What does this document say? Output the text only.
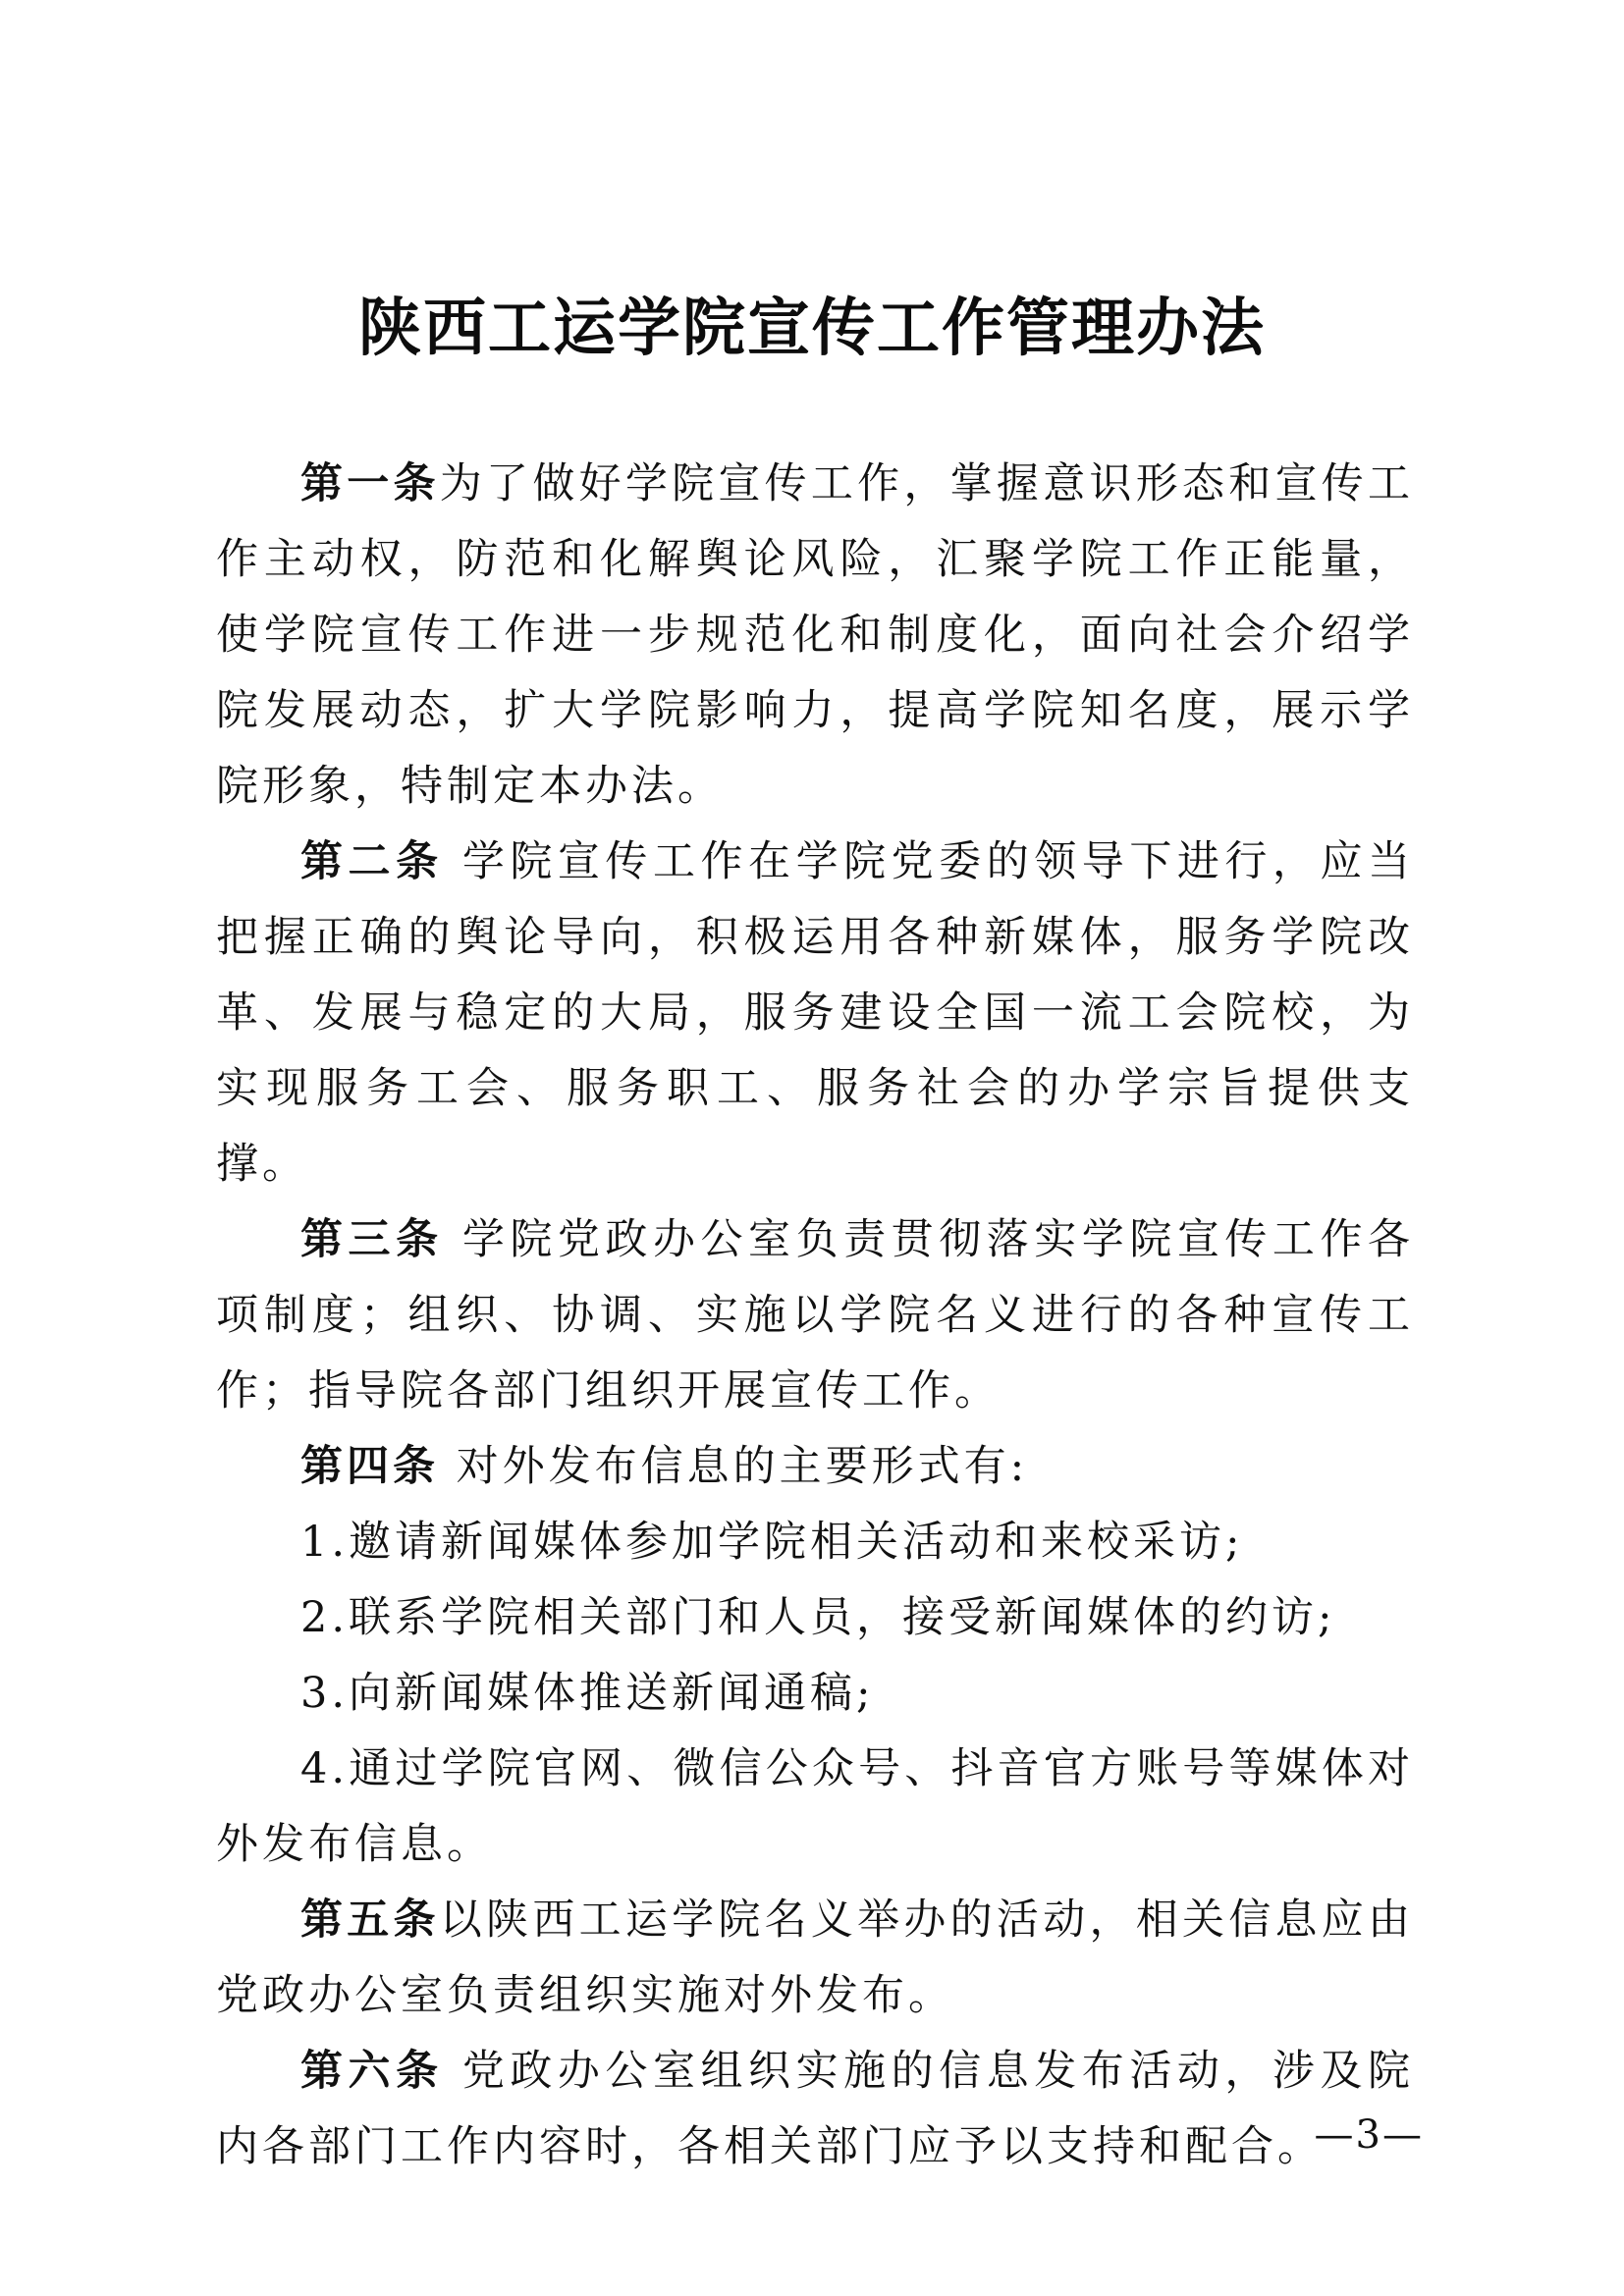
陕西工运学院宣传工作管理办法

第一条为了做好学院宣传工作，掌握意识形态和宣传工作主动权，防范和化解舆论风险，汇聚学院工作正能量，使学院宣传工作进一步规范化和制度化，面向社会介绍学院发展动态，扩大学院影响力，提高学院知名度，展示学院形象，特制定本办法。

第二条 学院宣传工作在学院党委的领导下进行，应当把握正确的舆论导向，积极运用各种新媒体，服务学院改革、发展与稳定的大局，服务建设全国一流工会院校，为实现服务工会、服务职工、服务社会的办学宗旨提供支撑。

第三条 学院党政办公室负责贯彻落实学院宣传工作各项制度；组织、协调、实施以学院名义进行的各种宣传工作；指导院各部门组织开展宣传工作。

第四条 对外发布信息的主要形式有:

1.邀请新闻媒体参加学院相关活动和来校采访;

2.联系学院相关部门和人员，接受新闻媒体的约访;

3.向新闻媒体推送新闻通稿;

4.通过学院官网、微信公众号、抖音官方账号等媒体对外发布信息。

第五条以陕西工运学院名义举办的活动，相关信息应由党政办公室负责组织实施对外发布。

第六条 党政办公室组织实施的信息发布活动，涉及院内各部门工作内容时，各相关部门应予以支持和配合。

—3—
